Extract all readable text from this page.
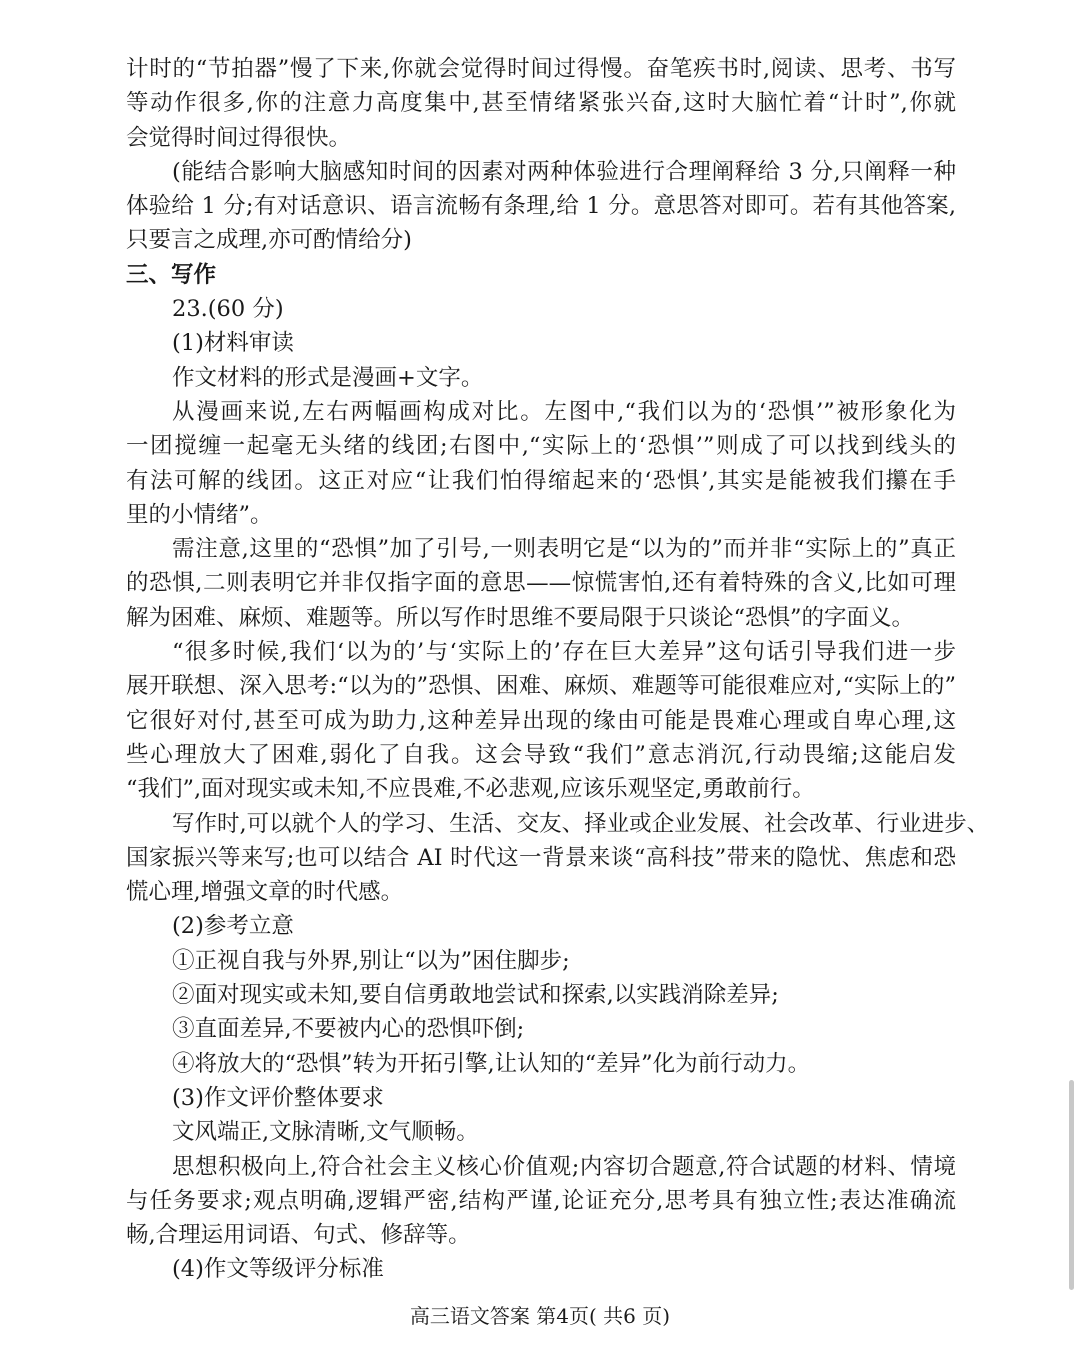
计时的“节拍器”慢了下来,你就会觉得时间过得慢。奋笔疾书时,阅读、思考、书写
等动作很多,你的注意力高度集中,甚至情绪紧张兴奋,这时大脑忙着“计时”,你就
会觉得时间过得很快。
(能结合影响大脑感知时间的因素对两种体验进行合理阐释给 3 分,只阐释一种
体验给 1 分;有对话意识、语言流畅有条理,给 1 分。意思答对即可。若有其他答案,
只要言之成理,亦可酌情给分)
三、写作
23.(60 分)
(1)材料审读
作文材料的形式是漫画+文字。
从漫画来说,左右两幅画构成对比。左图中,“我们以为的‘恐惧’”被形象化为
一团搅缠一起毫无头绪的线团;右图中,“实际上的‘恐惧’”则成了可以找到线头的
有法可解的线团。这正对应“让我们怕得缩起来的‘恐惧’,其实是能被我们攥在手
里的小情绪”。
需注意,这里的“恐惧”加了引号,一则表明它是“以为的”而并非“实际上的”真正
的恐惧,二则表明它并非仅指字面的意思——惊慌害怕,还有着特殊的含义,比如可理
解为困难、麻烦、难题等。所以写作时思维不要局限于只谈论“恐惧”的字面义。
“很多时候,我们‘以为的’与‘实际上的’存在巨大差异”这句话引导我们进一步
展开联想、深入思考:“以为的”恐惧、困难、麻烦、难题等可能很难应对,“实际上的”
它很好对付,甚至可成为助力,这种差异出现的缘由可能是畏难心理或自卑心理,这
些心理放大了困难,弱化了自我。这会导致“我们”意志消沉,行动畏缩;这能启发
“我们”,面对现实或未知,不应畏难,不必悲观,应该乐观坚定,勇敢前行。
写作时,可以就个人的学习、生活、交友、择业或企业发展、社会改革、行业进步、
国家振兴等来写;也可以结合 AI 时代这一背景来谈“高科技”带来的隐忧、焦虑和恐
慌心理,增强文章的时代感。
(2)参考立意
①正视自我与外界,别让“以为”困住脚步;
②面对现实或未知,要自信勇敢地尝试和探索,以实践消除差异;
③直面差异,不要被内心的恐惧吓倒;
④将放大的“恐惧”转为开拓引擎,让认知的“差异”化为前行动力。
(3)作文评价整体要求
文风端正,文脉清晰,文气顺畅。
思想积极向上,符合社会主义核心价值观;内容切合题意,符合试题的材料、情境
与任务要求;观点明确,逻辑严密,结构严谨,论证充分,思考具有独立性;表达准确流
畅,合理运用词语、句式、修辞等。
(4)作文等级评分标准
高三语文答案 第4页( 共6 页)
